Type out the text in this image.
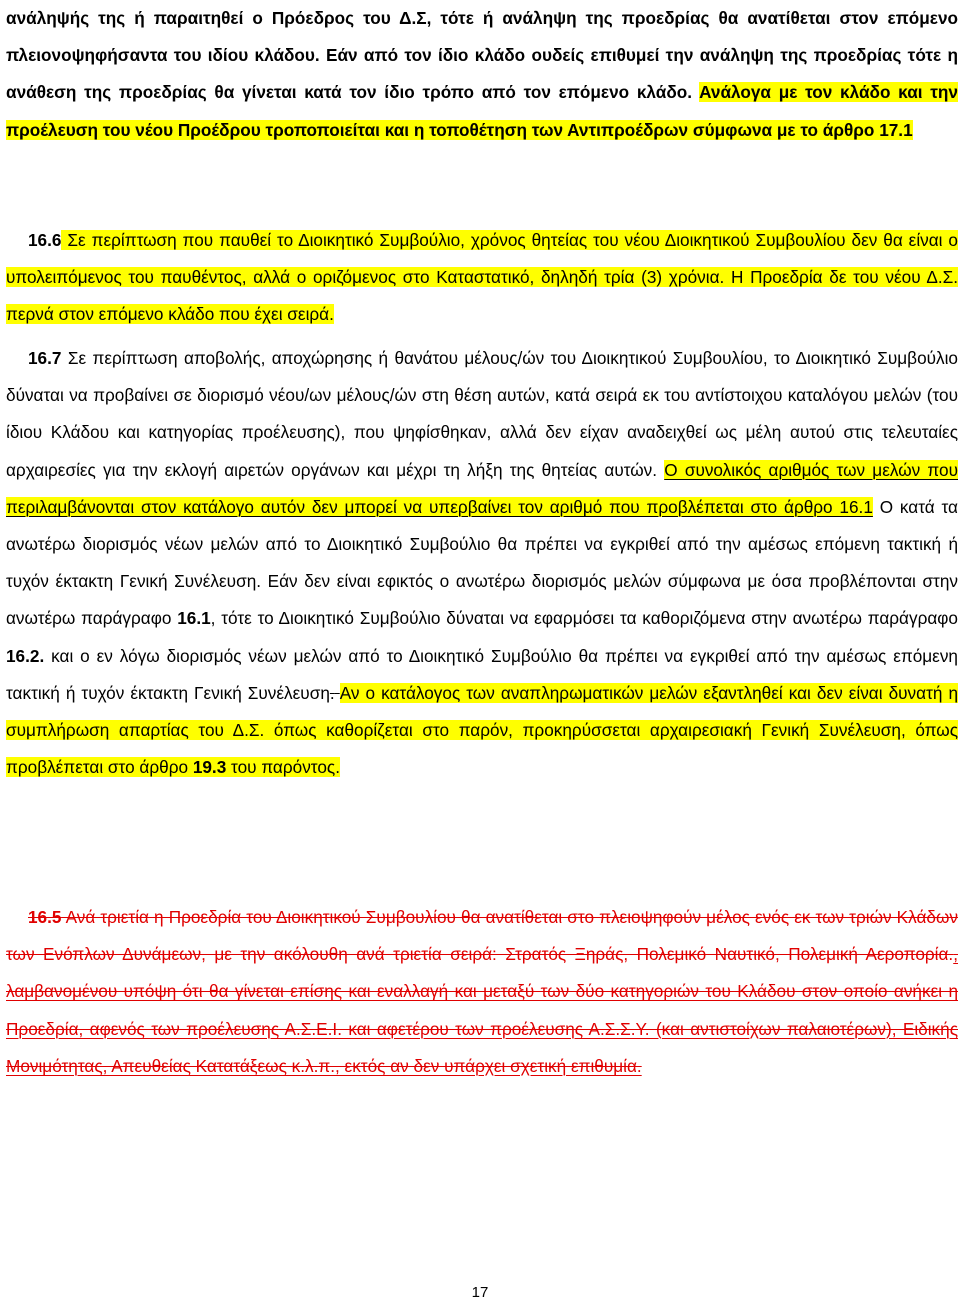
ανάληψής της ή παραιτηθεί ο Πρόεδρος του Δ.Σ, τότε ή ανάληψη της προεδρίας θα ανατίθεται στον επόμενο πλειονοψηφήσαντα του ιδίου κλάδου. Εάν από τον ίδιο κλάδο ουδείς επιθυμεί την ανάληψη της προεδρίας τότε η ανάθεση της προεδρίας θα γίνεται κατά τον ίδιο τρόπο από τον επόμενο κλάδο. Ανάλογα με τον κλάδο και την προέλευση του νέου Προέδρου τροποποιείται και η τοποθέτηση των Αντιπροέδρων σύμφωνα με το άρθρο 17.1

16.6 Σε περίπτωση που παυθεί το Διοικητικό Συμβούλιο, χρόνος θητείας του νέου Διοικητικού Συμβουλίου δεν θα είναι ο υπολειπόμενος του παυθέντος, αλλά ο οριζόμενος στο Καταστατικό, δηληδή τρία (3) χρόνια. Η Προεδρία δε του νέου Δ.Σ. περνά στον επόμενο κλάδο που έχει σειρά.

16.7 Σε περίπτωση αποβολής, αποχώρησης ή θανάτου μέλους/ών του Διοικητικού Συμβουλίου, το Διοικητικό Συμβούλιο δύναται να προβαίνει σε διορισμό νέου/ων μέλους/ών στη θέση αυτών, κατά σειρά εκ του αντίστοιχου καταλόγου μελών (του ίδιου Κλάδου και κατηγορίας προέλευσης), που ψηφίσθηκαν, αλλά δεν είχαν αναδειχθεί ως μέλη αυτού στις τελευταίες αρχαιρεσίες για την εκλογή αιρετών οργάνων και μέχρι τη λήξη της θητείας αυτών. Ο συνολικός αριθμός των μελών που περιλαμβάνονται στον κατάλογο αυτόν δεν μπορεί να υπερβαίνει τον αριθμό που προβλέπεται στο άρθρο 16.1 Ο κατά τα ανωτέρω διορισμός νέων μελών από το Διοικητικό Συμβούλιο θα πρέπει να εγκριθεί από την αμέσως επόμενη τακτική ή τυχόν έκτακτη Γενική Συνέλευση. Εάν δεν είναι εφικτός ο ανωτέρω διορισμός μελών σύμφωνα με όσα προβλέπονται στην ανωτέρω παράγραφο 16.1, τότε το Διοικητικό Συμβούλιο δύναται να εφαρμόσει τα καθοριζόμενα στην ανωτέρω παράγραφο 16.2. και ο εν λόγω διορισμός νέων μελών από το Διοικητικό Συμβούλιο θα πρέπει να εγκριθεί από την αμέσως επόμενη τακτική ή τυχόν έκτακτη Γενική Συνέλευση. Αν ο κατάλογος των αναπληρωματικών μελών εξαντληθεί και δεν είναι δυνατή η συμπλήρωση απαρτίας του Δ.Σ. όπως καθορίζεται στο παρόν, προκηρύσσεται αρχαιρεσιακή Γενική Συνέλευση, όπως προβλέπεται στο άρθρο 19.3 του παρόντος.

16.5 Ανά τριετία η Προεδρία του Διοικητικού Συμβουλίου θα ανατίθεται στο πλειοψηφούν μέλος ενός εκ των τριών Κλάδων των Ενόπλων Δυνάμεων, με την ακόλουθη ανά τριετία σειρά: Στρατός Ξηράς, Πολεμικό Ναυτικό, Πολεμική Αεροπορία., λαμβανομένου υπόψη ότι θα γίνεται επίσης και εναλλαγή και μεταξύ των δύο κατηγοριών του Κλάδου στον οποίο ανήκει η Προεδρία, αφενός των προέλευσης Α.Σ.Ε.Ι. και αφετέρου των προέλευσης Α.Σ.Σ.Υ. (και αντιστοίχων παλαιοτέρων), Ειδικής Μονιμότητας, Απευθείας Κατατάξεως κ.λ.π., εκτός αν δεν υπάρχει σχετική επιθυμία.

17
